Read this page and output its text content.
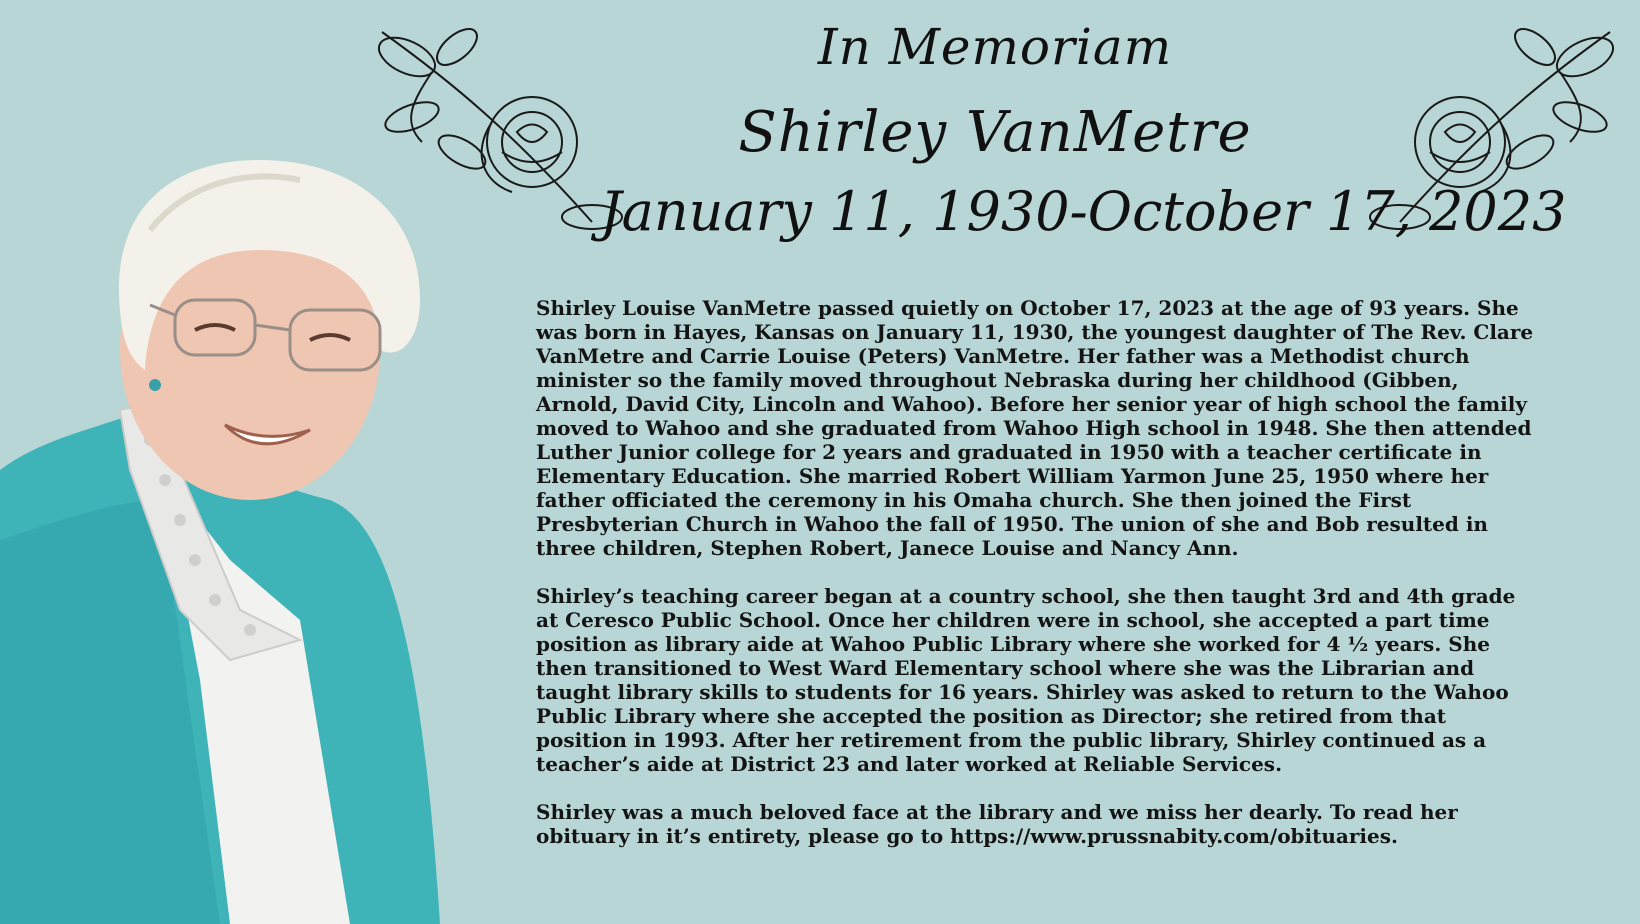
In Memoriam
Shirley VanMetre
January 11, 1930-October 17, 2023

Shirley Louise VanMetre passed quietly on October 17, 2023 at the age of 93 years. She was born in Hayes, Kansas on January 11, 1930, the youngest daughter of The Rev. Clare VanMetre and Carrie Louise (Peters) VanMetre. Her father was a Methodist church minister so the family moved throughout Nebraska during her childhood (Gibben, Arnold, David City, Lincoln and Wahoo). Before her senior year of high school the family moved to Wahoo and she graduated from Wahoo High school in 1948. She then attended Luther Junior college for 2 years and graduated in 1950 with a teacher certificate in Elementary Education. She married Robert William Yarmon June 25, 1950 where her father officiated the ceremony in his Omaha church. She then joined the First Presbyterian Church in Wahoo the fall of 1950. The union of she and Bob resulted in three children, Stephen Robert, Janece Louise and Nancy Ann.

Shirley’s teaching career began at a country school, she then taught 3rd and 4th grade at Ceresco Public School. Once her children were in school, she accepted a part time position as library aide at Wahoo Public Library where she worked for 4 ½ years. She then transitioned to West Ward Elementary school where she was the Librarian and taught library skills to students for 16 years. Shirley was asked to return to the Wahoo Public Library where she accepted the position as Director; she retired from that position in 1993. After her retirement from the public library, Shirley continued as a teacher’s aide at District 23 and later worked at Reliable Services.

Shirley was a much beloved face at the library and we miss her dearly. To read her obituary in it’s entirety, please go to https://www.prussnabity.com/obituaries.
